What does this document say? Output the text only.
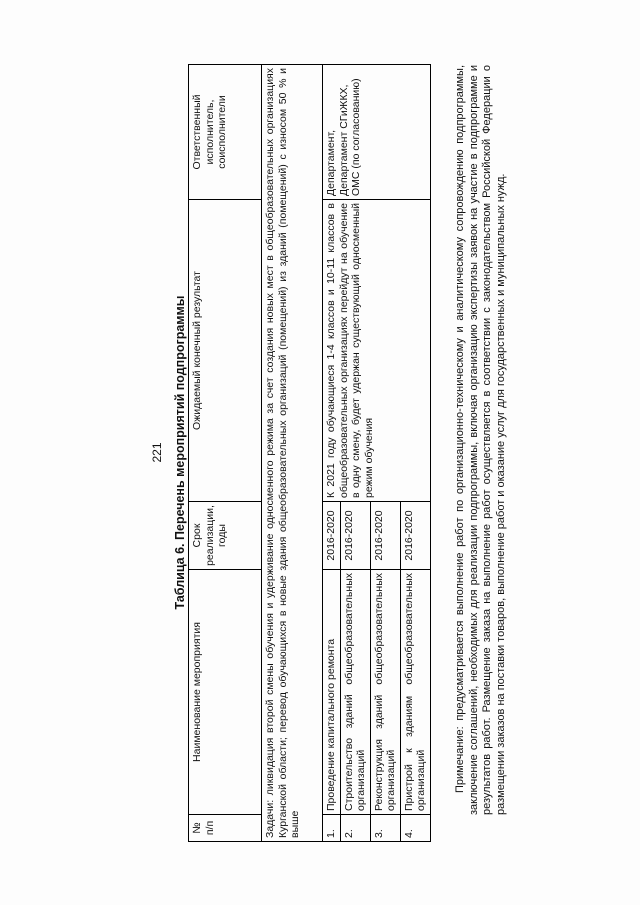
221 Таблица 6. Перечень мероприятий подпрограммы
№ п/п	Наименование мероприятия	Срок реализации, годы	Ожидаемый конечный результат	Ответственный исполнитель, соисполнители
Задачи: ликвидация второй смены обучения и удерживание односменного режима за счет создания новых мест в общеобразовательных организациях Курганской области; перевод обучающихся в новые здания общеобразовательных организаций (помещений) из зданий (помещений) с износом 50 % и выше				
1.	Проведение капитального ремонта	2016-2020	К 2021 году обучающиеся 1-4 классов и 10-11 классов в общеобразовательных организациях перейдут на обучение в одну смену, будет удержан существующий односменный режим обучения	Департамент, Департамент СГиЖКХ, ОМС (по согласованию)
2.	Строительство зданий общеобразовательных организаций	2016-2020		
3.	Реконструкция зданий общеобразовательных организаций	2016-2020		
4.	Пристрой к зданиям общеобразовательных организаций	2016-2020			Примечание: предусматривается выполнение работ по организационно-техническому и аналитическому сопровождению подпрограммы, заключение соглашений, необходимых для реализации подпрограммы, включая организацию экспертизы заявок на участие в подпрограмме и результатов работ. Размещение заказа на выполнение работ осуществляется в соответствии с законодательством Российской Федерации о размещении заказов на поставки товаров, выполнение работ и оказание услуг для государственных и муниципальных нужд.
